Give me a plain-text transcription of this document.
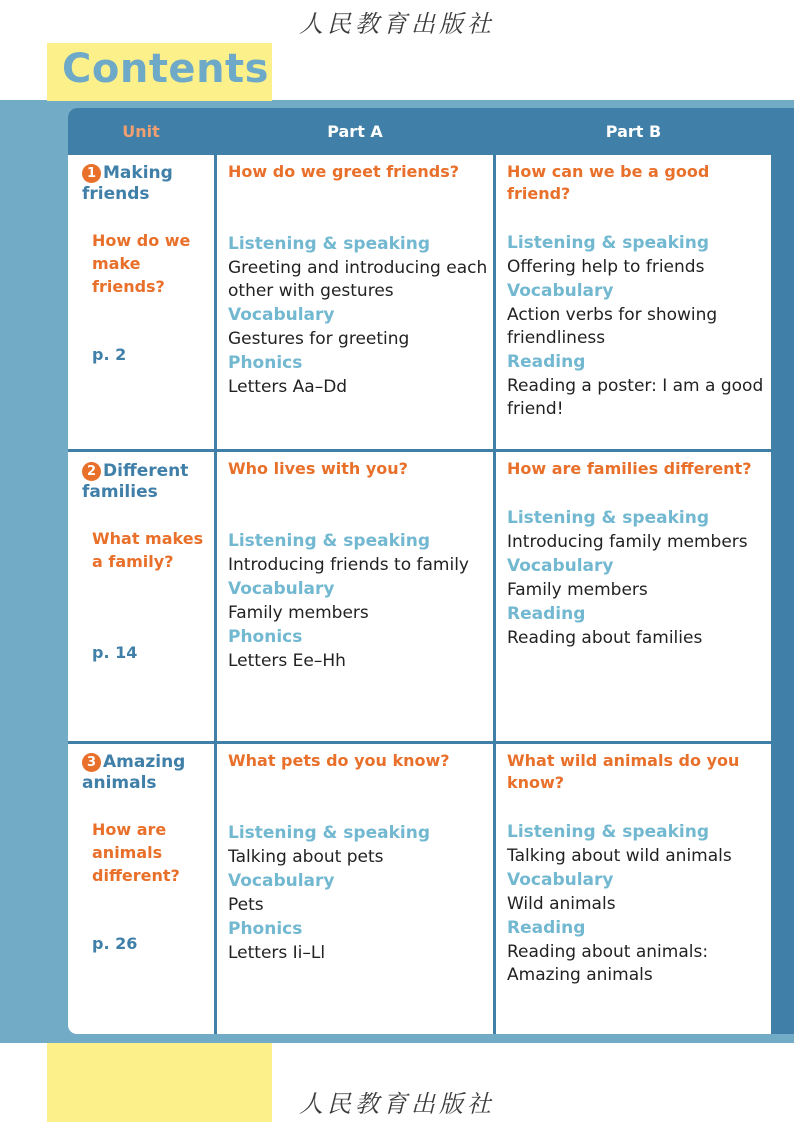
人民教育出版社
Contents
Unit	Part A	Part B
1 Making friends
How do we make friends?
p. 2
How do we greet friends?
Listening & speaking
Greeting and introducing each other with gestures
Vocabulary
Gestures for greeting
Phonics
Letters Aa–Dd
How can we be a good friend?
Listening & speaking
Offering help to friends
Vocabulary
Action verbs for showing friendliness
Reading
Reading a poster: I am a good friend!
2 Different families
What makes a family?
p. 14
Who lives with you?
Listening & speaking
Introducing friends to family
Vocabulary
Family members
Phonics
Letters Ee–Hh
How are families different?
Listening & speaking
Introducing family members
Vocabulary
Family members
Reading
Reading about families
3 Amazing animals
How are animals different?
p. 26
What pets do you know?
Listening & speaking
Talking about pets
Vocabulary
Pets
Phonics
Letters Ii–Ll
What wild animals do you know?
Listening & speaking
Talking about wild animals
Vocabulary
Wild animals
Reading
Reading about animals: Amazing animals
人民教育出版社
